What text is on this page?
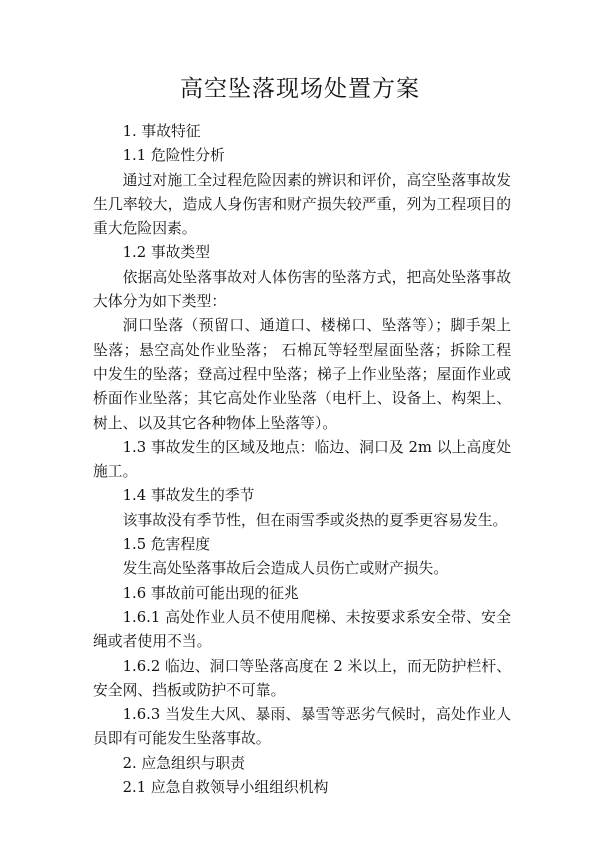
高空坠落现场处置方案

1. 事故特征

1.1 危险性分析

通过对施工全过程危险因素的辨识和评价，高空坠落事故发生几率较大，造成人身伤害和财产损失较严重，列为工程项目的重大危险因素。

1.2 事故类型

依据高处坠落事故对人体伤害的坠落方式，把高处坠落事故大体分为如下类型：

洞口坠落（预留口、通道口、楼梯口、坠落等）；脚手架上坠落；悬空高处作业坠落； 石棉瓦等轻型屋面坠落；拆除工程中发生的坠落；登高过程中坠落；梯子上作业坠落；屋面作业或桥面作业坠落；其它高处作业坠落（电杆上、设备上、构架上、树上、以及其它各种物体上坠落等）。

1.3 事故发生的区域及地点：临边、洞口及 2m 以上高度处施工。

1.4 事故发生的季节

该事故没有季节性，但在雨雪季或炎热的夏季更容易发生。

1.5 危害程度

发生高处坠落事故后会造成人员伤亡或财产损失。

1.6 事故前可能出现的征兆

1.6.1 高处作业人员不使用爬梯、未按要求系安全带、安全绳或者使用不当。

1.6.2 临边、洞口等坠落高度在 2 米以上，而无防护栏杆、安全网、挡板或防护不可靠。

1.6.3 当发生大风、暴雨、暴雪等恶劣气候时，高处作业人员即有可能发生坠落事故。

2. 应急组织与职责

2.1 应急自救领导小组组织机构
